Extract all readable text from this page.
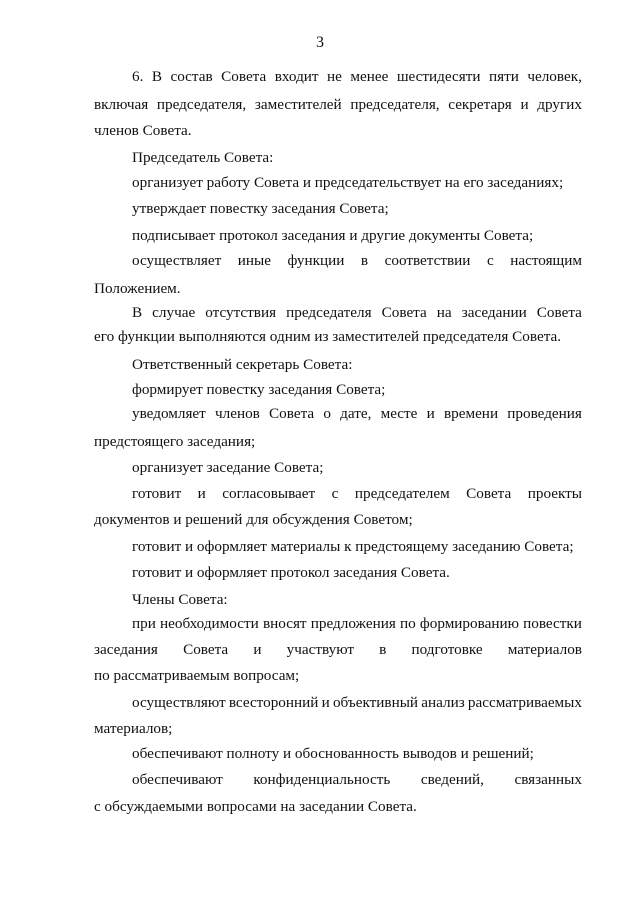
3
6. В состав Совета входит не менее шестидесяти пяти человек,
включая председателя, заместителей председателя, секретаря и других
членов Совета.
Председатель Совета:
организует работу Совета и председательствует на его заседаниях;
утверждает повестку заседания Совета;
подписывает протокол заседания и другие документы Совета;
осуществляет иные функции в соответствии с настоящим
Положением.
В случае отсутствия председателя Совета на заседании Совета
его функции выполняются одним из заместителей председателя Совета.
Ответственный секретарь Совета:
формирует повестку заседания Совета;
уведомляет членов Совета о дате, месте и времени проведения
предстоящего заседания;
организует заседание Совета;
готовит и согласовывает с председателем Совета проекты
документов и решений для обсуждения Советом;
готовит и оформляет материалы к предстоящему заседанию Совета;
готовит и оформляет протокол заседания Совета.
Члены Совета:
при необходимости вносят предложения по формированию повестки
заседания Совета и участвуют в подготовке материалов
по рассматриваемым вопросам;
осуществляют всесторонний и объективный анализ рассматриваемых
материалов;
обеспечивают полноту и обоснованность выводов и решений;
обеспечивают конфиденциальность сведений, связанных
с обсуждаемыми вопросами на заседании Совета.
